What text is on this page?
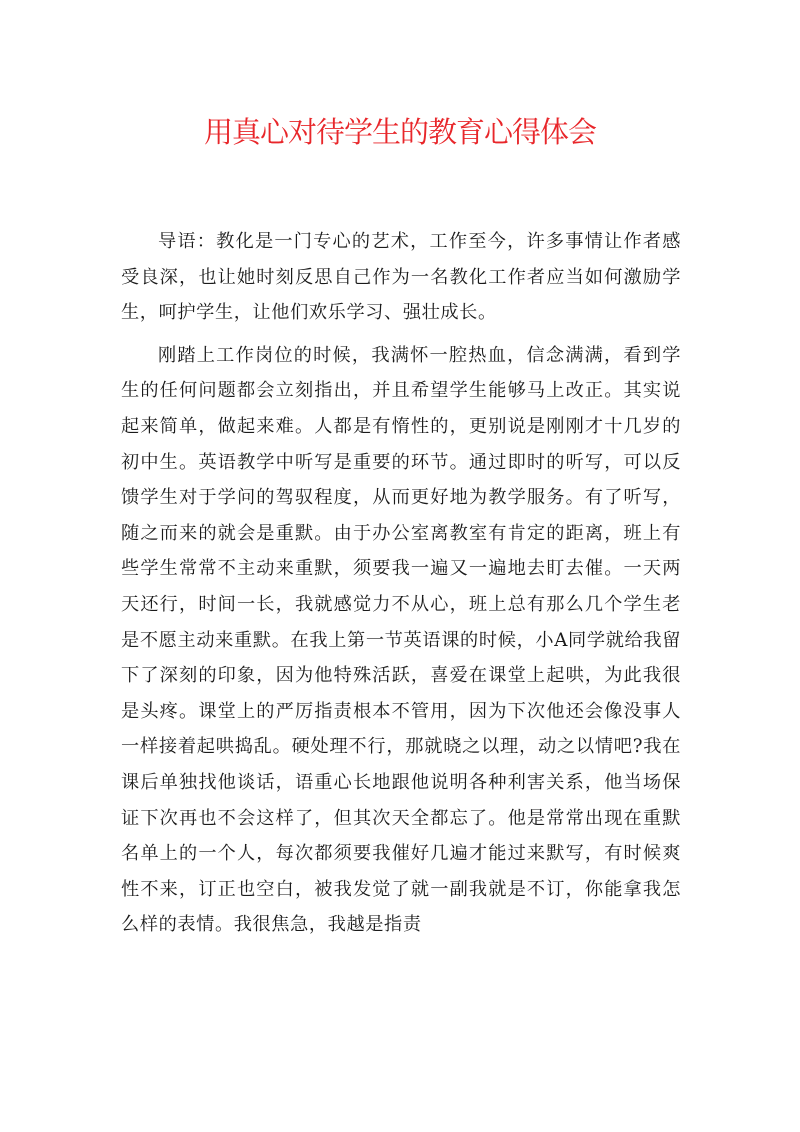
用真心对待学生的教育心得体会

导语：教化是一门专心的艺术，工作至今，许多事情让作者感受良深，也让她时刻反思自己作为一名教化工作者应当如何激励学生，呵护学生，让他们欢乐学习、强壮成长。

刚踏上工作岗位的时候，我满怀一腔热血，信念满满，看到学生的任何问题都会立刻指出，并且希望学生能够马上改正。其实说起来简单，做起来难。人都是有惰性的，更别说是刚刚才十几岁的初中生。英语教学中听写是重要的环节。通过即时的听写，可以反馈学生对于学问的驾驭程度，从而更好地为教学服务。有了听写，随之而来的就会是重默。由于办公室离教室有肯定的距离，班上有些学生常常不主动来重默，须要我一遍又一遍地去盯去催。一天两天还行，时间一长，我就感觉力不从心，班上总有那么几个学生老是不愿主动来重默。在我上第一节英语课的时候，小A同学就给我留下了深刻的印象，因为他特殊活跃，喜爱在课堂上起哄，为此我很是头疼。课堂上的严厉指责根本不管用，因为下次他还会像没事人一样接着起哄捣乱。硬处理不行，那就晓之以理，动之以情吧?我在课后单独找他谈话，语重心长地跟他说明各种利害关系，他当场保证下次再也不会这样了，但其次天全都忘了。他是常常出现在重默名单上的一个人，每次都须要我催好几遍才能过来默写，有时候爽性不来，订正也空白，被我发觉了就一副我就是不订，你能拿我怎么样的表情。我很焦急，我越是指责
